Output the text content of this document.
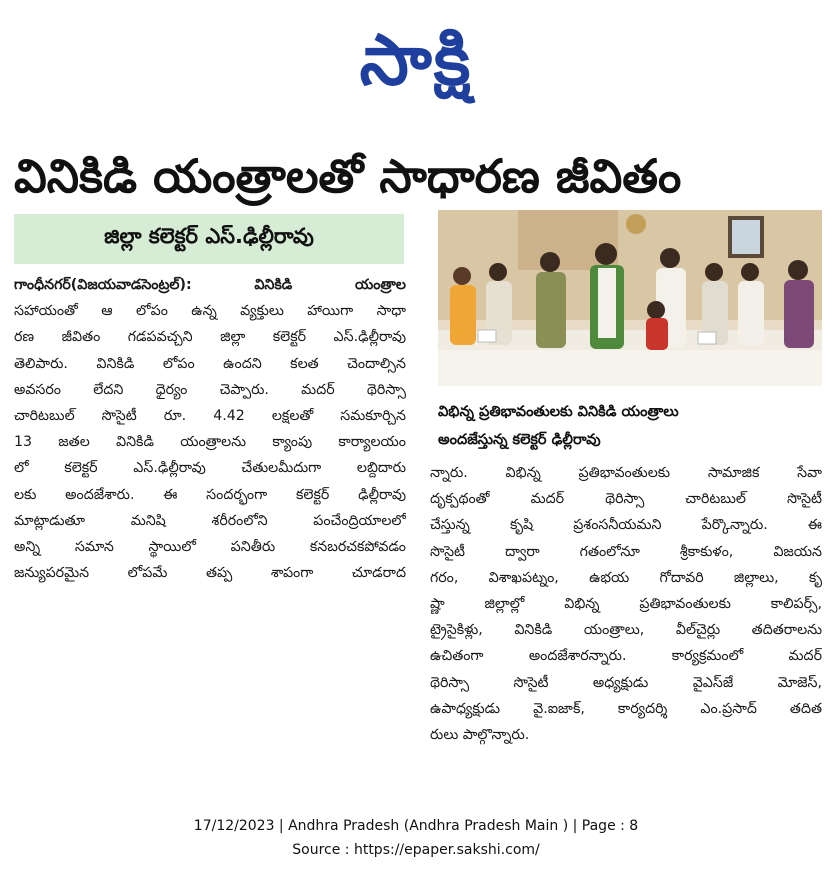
సాక్షి
వినికిడి యంత్రాలతో సాధారణ జీవితం
జిల్లా కలెక్టర్ ఎస్.ఢిల్లీరావు
గాంధీనగర్(విజయవాడసెంట్రల్): వినికిడి యంత్రాల
సహాయంతో ఆ లోపం ఉన్న వ్యక్తులు హాయిగా సాధా
రణ జీవితం గడపవచ్చని జిల్లా కలెక్టర్ ఎస్.ఢిల్లీరావు
తెలిపారు. వినికిడి లోపం ఉందని కలత చెందాల్సిన
అవసరం లేదని ధైర్యం చెప్పారు. మదర్ థెరిస్సా
చారిటబుల్ సొసైటీ రూ. 4.42 లక్షలతో సమకూర్చిన
13 జతల వినికిడి యంత్రాలను క్యాంపు కార్యాలయం
లో కలెక్టర్ ఎస్.ఢిల్లీరావు చేతులమీదుగా లబ్దిదారు
లకు అందజేశారు. ఈ సందర్భంగా కలెక్టర్ ఢిల్లీరావు
మాట్లాడుతూ మనిషి శరీరంలోని పంచేంద్రియాలలో
అన్ని సమాన స్థాయిలో పనితీరు కనబరచకపోవడం
జన్యుపరమైన లోపమే తప్ప శాపంగా చూడరాద
విభిన్న ప్రతిభావంతులకు వినికిడి యంత్రాలు
అందజేస్తున్న కలెక్టర్ ఢిల్లీరావు
న్నారు. విభిన్న ప్రతిభావంతులకు సామాజిక సేవా
దృక్పథంతో మదర్ థెరిస్సా చారిటబుల్ సొసైటీ
చేస్తున్న కృషి ప్రశంసనీయమని పేర్కొన్నారు. ఈ
సొసైటీ ద్వారా గతంలోనూ శ్రీకాకుళం, విజయన
గరం, విశాఖపట్నం, ఉభయ గోదావరి జిల్లాలు, కృ
ష్ణా జిల్లాల్లో విభిన్న ప్రతిభావంతులకు కాలిపర్స్,
ట్రైసైకిళ్లు, వినికిడి యంత్రాలు, వీల్‌చైర్లు తదితరాలను
ఉచితంగా అందజేశారన్నారు. కార్యక్రమంలో మదర్
థెరిస్సా సొసైటీ అధ్యక్షుడు వైఎస్‌జే మోజెస్,
ఉపాధ్యక్షుడు వై.ఐజాక్, కార్యదర్శి ఎం.ప్రసాద్ తదిత
రులు పాల్గొన్నారు.
17/12/2023 | Andhra Pradesh (Andhra Pradesh Main ) | Page : 8
Source : https://epaper.sakshi.com/
